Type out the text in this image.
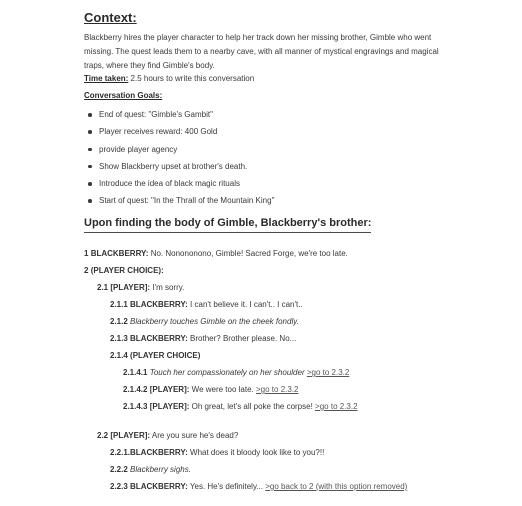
Context:

Blackberry hires the player character to help her track down her missing brother, Gimble who went missing. The quest leads them to a nearby cave, with all manner of mystical engravings and magical traps, where they find Gimble's body.

Time taken: 2.5 hours to write this conversation

Conversation Goals:

End of quest: "Gimble's Gambit"
Player receives reward: 400 Gold
provide player agency
Show Blackberry upset at brother's death.
Introduce the idea of black magic rituals
Start of quest: "In the Thrall of the Mountain King"
Upon finding the body of Gimble, Blackberry's brother:

1 BLACKBERRY: No. Nonononono, Gimble! Sacred Forge, we're too late.

2 (PLAYER CHOICE):

2.1 [PLAYER]: I'm sorry.

2.1.1 BLACKBERRY: I can't believe it. I can't.. I can't..

2.1.2 Blackberry touches Gimble on the cheek fondly.

2.1.3 BLACKBERRY: Brother? Brother please. No...

2.1.4 (PLAYER CHOICE)

2.1.4.1 Touch her compassionately on her shoulder >go to 2.3.2

2.1.4.2 [PLAYER]: We were too late. >go to 2.3.2

2.1.4.3 [PLAYER]: Oh great, let's all poke the corpse! >go to 2.3.2

2.2 [PLAYER]: Are you sure he's dead?

2.2.1.BLACKBERRY: What does it bloody look like to you?!!

2.2.2 Blackberry sighs.

2.2.3 BLACKBERRY: Yes. He's definitely... >go back to 2 (with this option removed)
